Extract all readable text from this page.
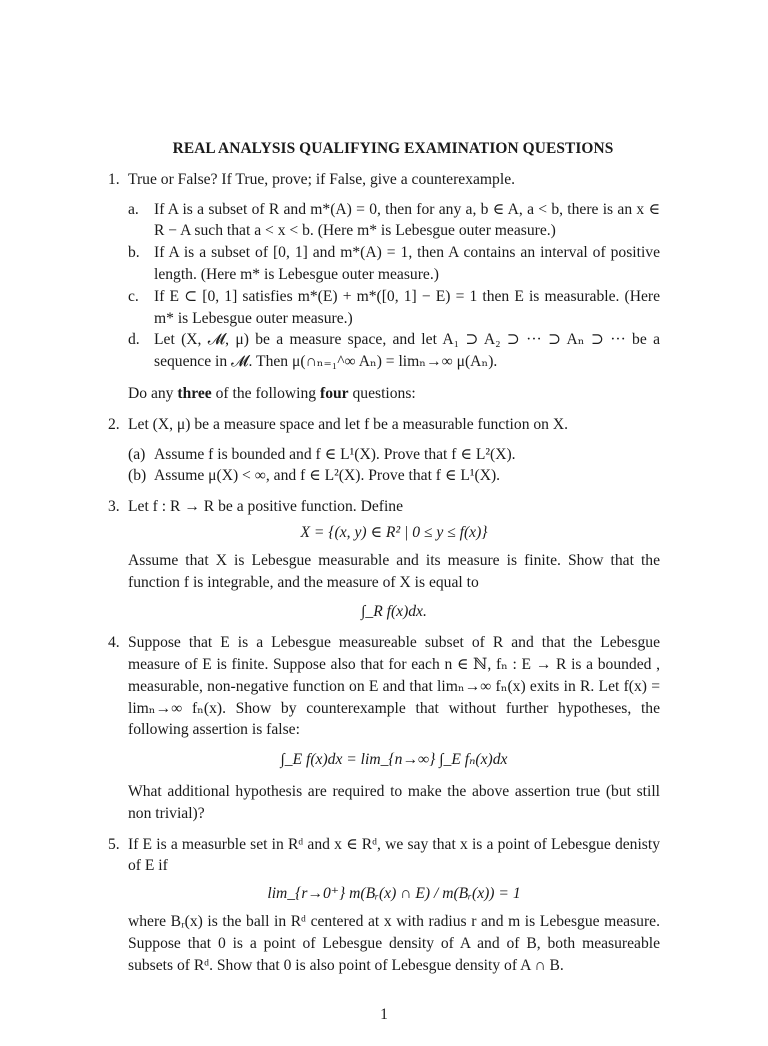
REAL ANALYSIS QUALIFYING EXAMINATION QUESTIONS
1. True or False? If True, prove; if False, give a counterexample.
a. If A is a subset of R and m*(A) = 0, then for any a, b ∈ A, a < b, there is an x ∈ R − A such that a < x < b. (Here m* is Lebesgue outer measure.)
b. If A is a subset of [0, 1] and m*(A) = 1, then A contains an interval of positive length. (Here m* is Lebesgue outer measure.)
c. If E ⊂ [0, 1] satisfies m*(E) + m*([0, 1] − E) = 1 then E is measurable. (Here m* is Lebesgue outer measure.)
d. Let (X, 𝓜, μ) be a measure space, and let A₁ ⊃ A₂ ⊃ ··· ⊃ Aₙ ⊃ ··· be a sequence in 𝓜. Then μ(∩ₙ₌₁^∞ Aₙ) = limₙ→∞ μ(Aₙ).
Do any three of the following four questions:
2. Let (X, μ) be a measure space and let f be a measurable function on X.
(a) Assume f is bounded and f ∈ L¹(X). Prove that f ∈ L²(X).
(b) Assume μ(X) < ∞, and f ∈ L²(X). Prove that f ∈ L¹(X).
3. Let f : R → R be a positive function. Define
X = {(x, y) ∈ R² | 0 ≤ y ≤ f(x)}
Assume that X is Lebesgue measurable and its measure is finite. Show that the function f is integrable, and the measure of X is equal to
∫_R f(x)dx.
4. Suppose that E is a Lebesgue measureable subset of R and that the Lebesgue measure of E is finite. Suppose also that for each n ∈ ℕ, fₙ : E → R is a bounded , measurable, non-negative function on E and that limₙ→∞ fₙ(x) exits in R. Let f(x) = limₙ→∞ fₙ(x). Show by counterexample that without further hypotheses, the following assertion is false:
∫_E f(x)dx = lim_{n→∞} ∫_E fₙ(x)dx
What additional hypothesis are required to make the above assertion true (but still non trivial)?
5. If E is a measurble set in Rᵈ and x ∈ Rᵈ, we say that x is a point of Lebesgue denisty of E if
lim_{r→0⁺} m(Bᵣ(x) ∩ E) / m(Bᵣ(x)) = 1
where Bᵣ(x) is the ball in Rᵈ centered at x with radius r and m is Lebesgue measure. Suppose that 0 is a point of Lebesgue density of A and of B, both measureable subsets of Rᵈ. Show that 0 is also point of Lebesgue density of A ∩ B.
1
